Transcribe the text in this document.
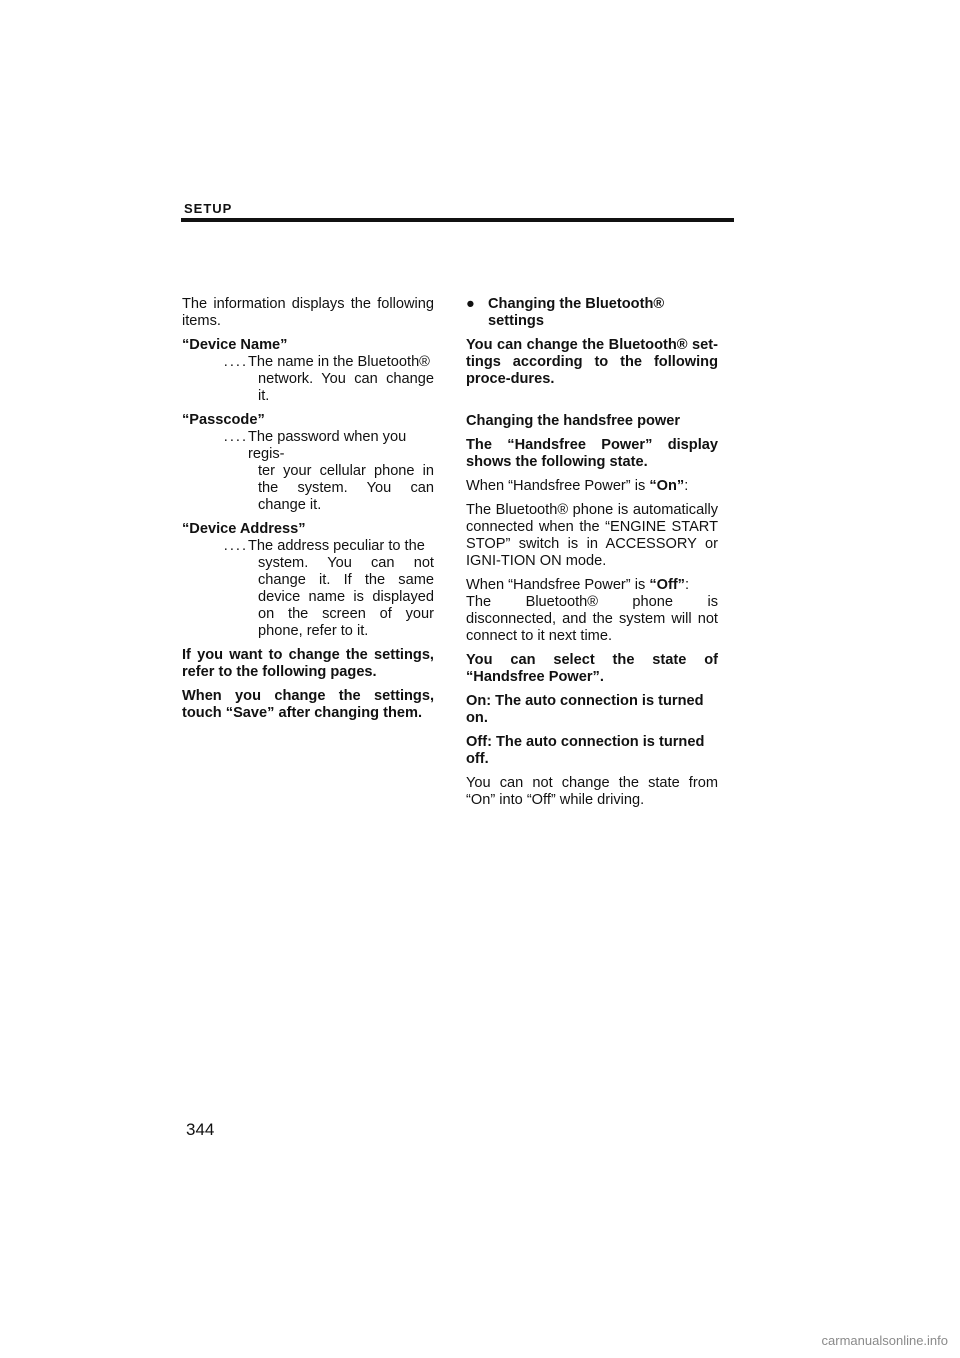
SETUP

The information displays the following items.

“Device Name”

.... The name in the Bluetooth®
network. You can change it.

“Passcode”

.... The password when you regis-
ter your cellular phone in the system. You can change it.

“Device Address”

.... The address peculiar to the
system. You can not change it. If the same device name is displayed on the screen of your phone, refer to it.

If you want to change the settings, refer to the following pages.

When you change the settings, touch “Save” after changing them.

● Changing the Bluetooth® settings

You can change the Bluetooth® set-tings according to the following proce-dures.

Changing the handsfree power

The “Handsfree Power” display shows the following state.

When “Handsfree Power” is “On”:

The Bluetooth® phone is automatically connected when the “ENGINE START STOP” switch is in ACCESSORY or IGNI-TION ON mode.

When “Handsfree Power” is “Off”:

The Bluetooth® phone is disconnected, and the system will not connect to it next time.

You can select the state of “Handsfree Power”.

On: The auto connection is turned on.

Off: The auto connection is turned off.

You can not change the state from “On” into “Off” while driving.

344
carmanualsonline.info
